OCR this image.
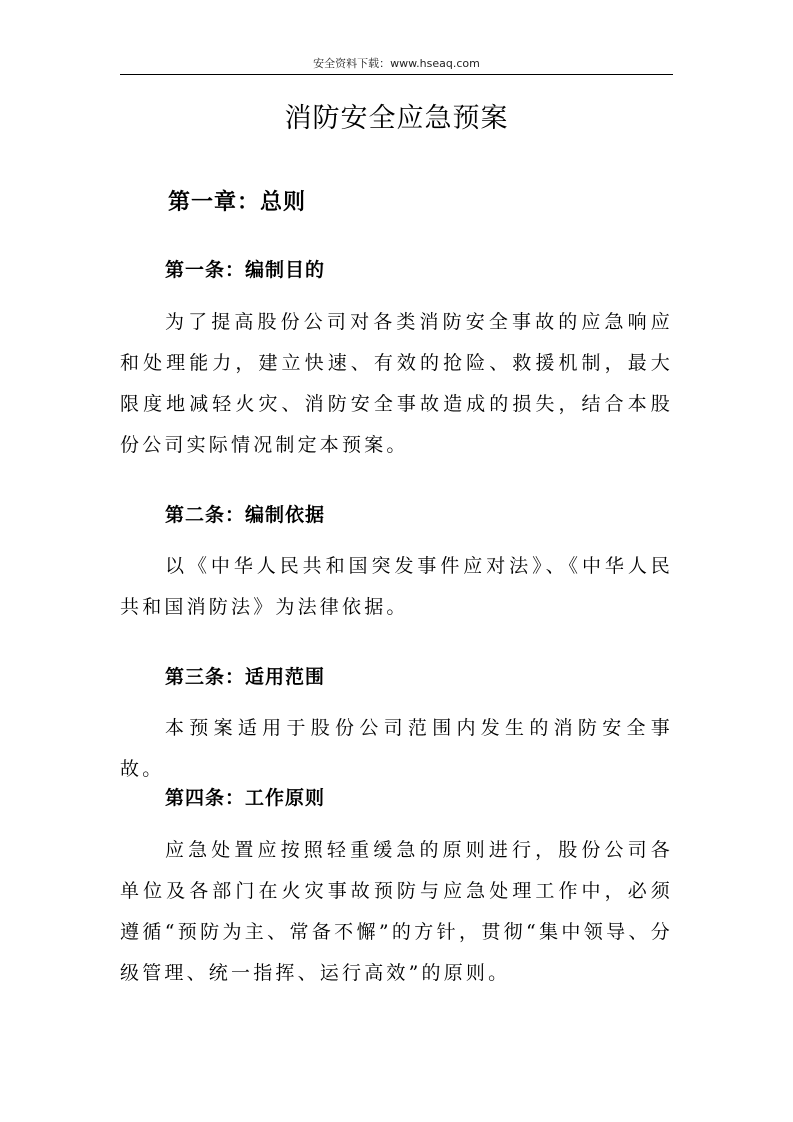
安全资料下载：www.hseaq.com
消防安全应急预案
第一章：总则
第一条：编制目的

为了提高股份公司对各类消防安全事故的应急响应和处理能力，建立快速、有效的抢险、救援机制，最大限度地减轻火灾、消防安全事故造成的损失，结合本股份公司实际情况制定本预案。

第二条：编制依据

以《中华人民共和国突发事件应对法》、《中华人民共和国消防法》为法律依据。

第三条：适用范围

本预案适用于股份公司范围内发生的消防安全事故。

第四条：工作原则

应急处置应按照轻重缓急的原则进行，股份公司各单位及各部门在火灾事故预防与应急处理工作中，必须遵循“预防为主、常备不懈”的方针，贯彻“集中领导、分级管理、统一指挥、运行高效”的原则。
